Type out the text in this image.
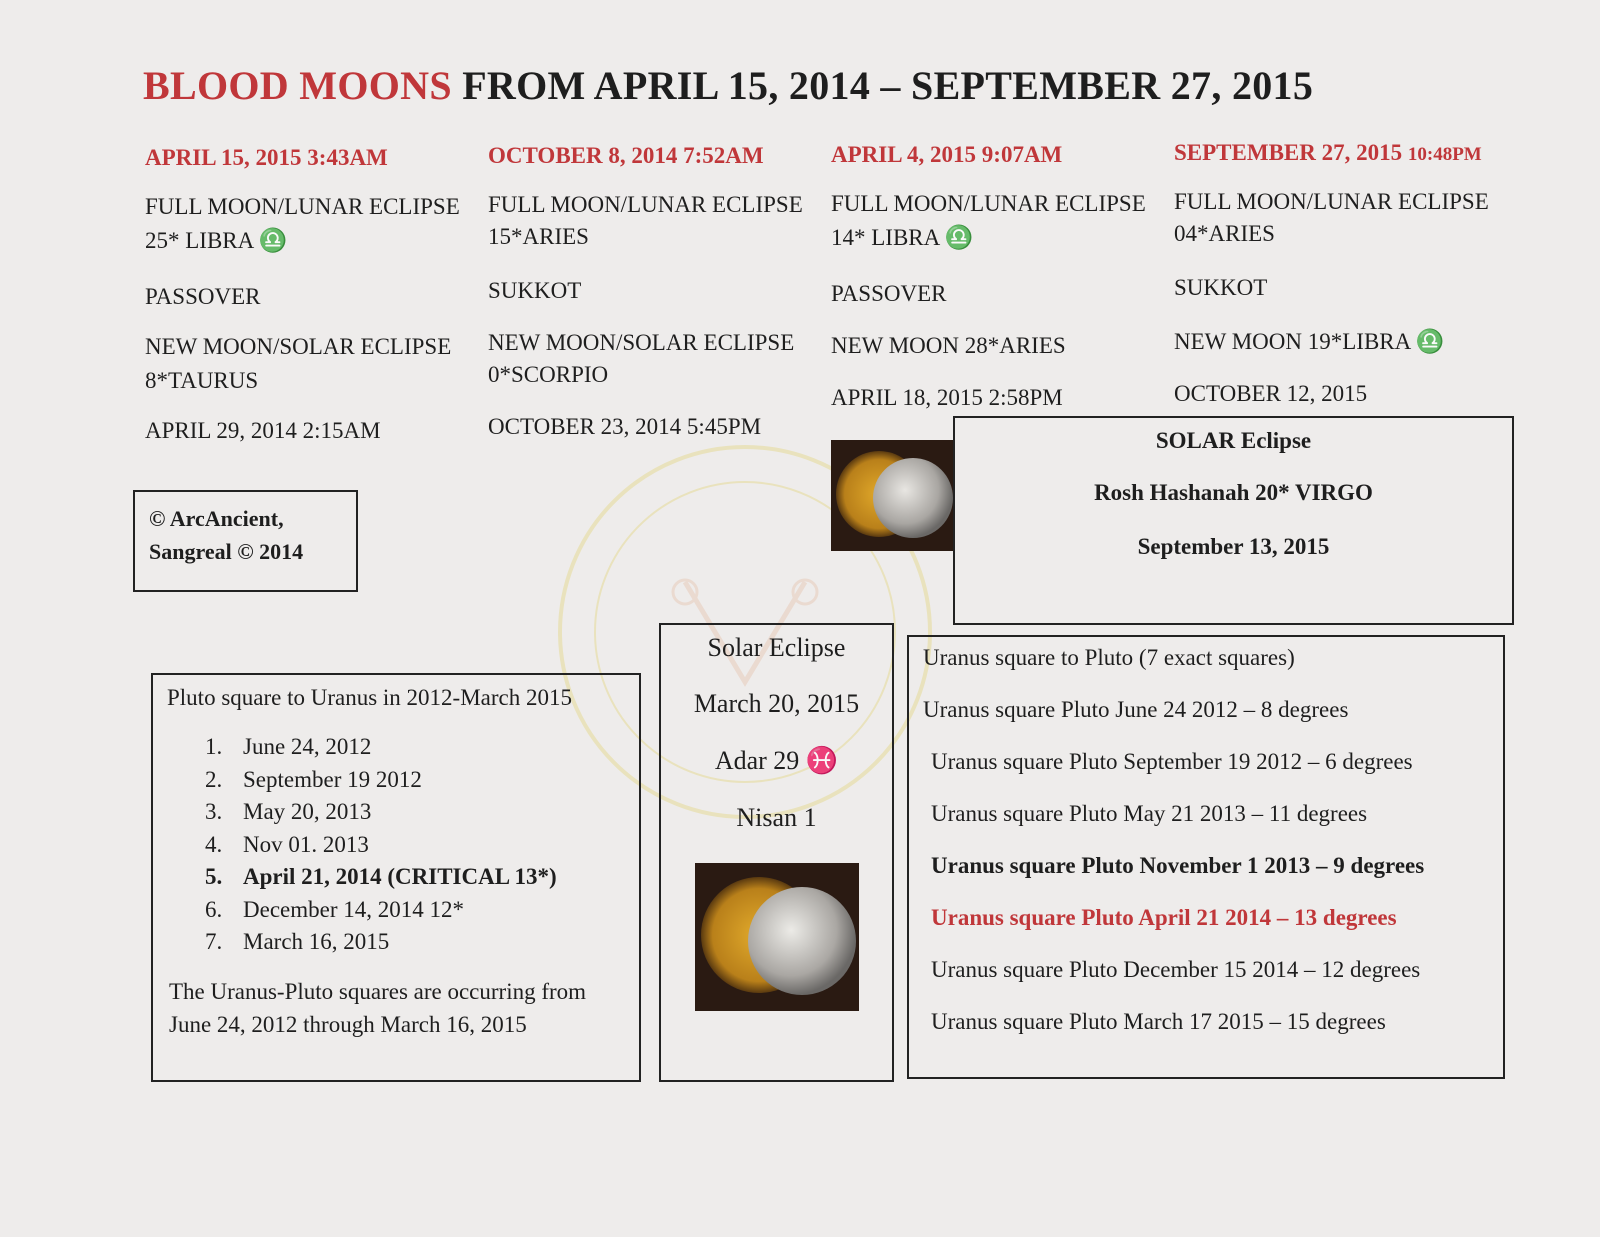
BLOOD MOONS FROM APRIL 15, 2014 – SEPTEMBER 27, 2015
APRIL 15, 2015 3:43AM
FULL MOON/LUNAR ECLIPSE
25* LIBRA ♎
PASSOVER
NEW MOON/SOLAR ECLIPSE
8*TAURUS
APRIL 29, 2014 2:15AM
OCTOBER 8, 2014 7:52AM
FULL MOON/LUNAR ECLIPSE
15*ARIES
SUKKOT
NEW MOON/SOLAR ECLIPSE
0*SCORPIO
OCTOBER 23, 2014 5:45PM
APRIL 4, 2015 9:07AM
FULL MOON/LUNAR ECLIPSE
14* LIBRA ♎
PASSOVER
NEW MOON 28*ARIES
APRIL 18, 2015 2:58PM
SEPTEMBER 27, 2015 10:48PM
FULL MOON/LUNAR ECLIPSE
04*ARIES
SUKKOT
NEW MOON 19*LIBRA ♎
OCTOBER 12, 2015
© ArcAncient,
Sangreal © 2014
SOLAR Eclipse
Rosh Hashanah 20* VIRGO
September 13, 2015
Pluto square to Uranus in 2012-March 2015
1. June 24, 2012
2. September 19 2012
3. May 20, 2013
4. Nov 01. 2013
5. April 21, 2014 (CRITICAL 13*)
6. December 14, 2014 12*
7. March 16, 2015
The Uranus-Pluto squares are occurring from
June 24, 2012 through March 16, 2015
Solar Eclipse
March 20, 2015
Adar 29 ♓
Nisan 1
Uranus square to Pluto (7 exact squares)
Uranus square Pluto June 24 2012 – 8 degrees
Uranus square Pluto September 19 2012 – 6 degrees
Uranus square Pluto May 21 2013 – 11 degrees
Uranus square Pluto November 1 2013 – 9 degrees
Uranus square Pluto April 21 2014 – 13 degrees
Uranus square Pluto December 15 2014 – 12 degrees
Uranus square Pluto March 17 2015 – 15 degrees
